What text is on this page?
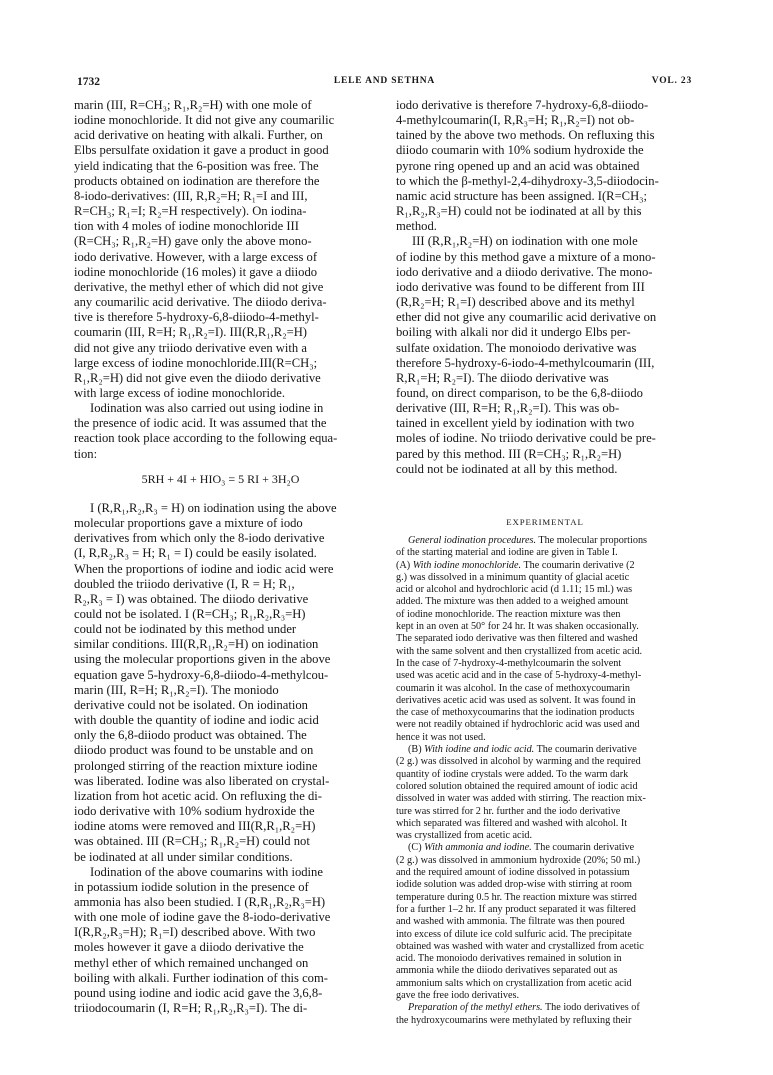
1732	LELE AND SETHNA	VOL. 23

marin (III, R=CH₃; R₁,R₂=H) with one mole of
iodine monochloride. It did not give any coumarilic
acid derivative on heating with alkali. Further, on
Elbs persulfate oxidation it gave a product in good
yield indicating that the 6-position was free. The
products obtained on iodination are therefore the
8-iodo-derivatives: (III, R,R₂=H; R₁=I and III,
R=CH₃; R₁=I; R₂=H respectively). On iodina-
tion with 4 moles of iodine monochloride III
(R=CH₃; R₁,R₂=H) gave only the above mono-
iodo derivative. However, with a large excess of
iodine monochloride (16 moles) it gave a diiodo
derivative, the methyl ether of which did not give
any coumarilic acid derivative. The diiodo deriva-
tive is therefore 5-hydroxy-6,8-diiodo-4-methyl-
coumarin (III, R=H; R₁,R₂=I). III(R,R₁,R₂=H)
did not give any triiodo derivative even with a
large excess of iodine monochloride.III(R=CH₃;
R₁,R₂=H) did not give even the diiodo derivative
with large excess of iodine monochloride.

Iodination was also carried out using iodine in
the presence of iodic acid. It was assumed that the
reaction took place according to the following equa-
tion:

5RH + 4I + HIO₃ = 5 RI + 3H₂O

I (R,R₁,R₂,R₃ = H) on iodination using the above
molecular proportions gave a mixture of iodo
derivatives from which only the 8-iodo derivative
(I, R,R₂,R₃ = H; R₁ = I) could be easily isolated.
When the proportions of iodine and iodic acid were
doubled the triiodo derivative (I, R = H; R₁,
R₂,R₃ = I) was obtained. The diiodo derivative
could not be isolated. I (R=CH₃; R₁,R₂,R₃=H)
could not be iodinated by this method under
similar conditions. III(R,R₁,R₂=H) on iodination
using the molecular proportions given in the above
equation gave 5-hydroxy-6,8-diiodo-4-methylcou-
marin (III, R=H; R₁,R₂=I). The moniodo
derivative could not be isolated. On iodination
with double the quantity of iodine and iodic acid
only the 6,8-diiodo product was obtained. The
diiodo product was found to be unstable and on
prolonged stirring of the reaction mixture iodine
was liberated. Iodine was also liberated on crystal-
lization from hot acetic acid. On refluxing the di-
iodo derivative with 10% sodium hydroxide the
iodine atoms were removed and III(R,R₁,R₂=H)
was obtained. III (R=CH₃; R₁,R₂=H) could not
be iodinated at all under similar conditions.

Iodination of the above coumarins with iodine
in potassium iodide solution in the presence of
ammonia has also been studied. I (R,R₁,R₂,R₃=H)
with one mole of iodine gave the 8-iodo-derivative
I(R,R₂,R₃=H); R₁=I) described above. With two
moles however it gave a diiodo derivative the
methyl ether of which remained unchanged on
boiling with alkali. Further iodination of this com-
pound using iodine and iodic acid gave the 3,6,8-
triiodocoumarin (I, R=H; R₁,R₂,R₃=I). The di-

iodo derivative is therefore 7-hydroxy-6,8-diiodo-
4-methylcoumarin(I, R,R₃=H; R₁,R₂=I) not ob-
tained by the above two methods. On refluxing this
diiodo coumarin with 10% sodium hydroxide the
pyrone ring opened up and an acid was obtained
to which the β-methyl-2,4-dihydroxy-3,5-diiodocin-
namic acid structure has been assigned. I(R=CH₃;
R₁,R₂,R₃=H) could not be iodinated at all by this
method.

III (R,R₁,R₂=H) on iodination with one mole
of iodine by this method gave a mixture of a mono-
iodo derivative and a diiodo derivative. The mono-
iodo derivative was found to be different from III
(R,R₂=H; R₁=I) described above and its methyl
ether did not give any coumarilic acid derivative on
boiling with alkali nor did it undergo Elbs per-
sulfate oxidation. The monoiodo derivative was
therefore 5-hydroxy-6-iodo-4-methylcoumarin (III,
R,R₁=H; R₂=I). The diiodo derivative was
found, on direct comparison, to be the 6,8-diiodo
derivative (III, R=H; R₁,R₂=I). This was ob-
tained in excellent yield by iodination with two
moles of iodine. No triiodo derivative could be pre-
pared by this method. III (R=CH₃; R₁,R₂=H)
could not be iodinated at all by this method.

EXPERIMENTAL

General iodination procedures. The molecular proportions
of the starting material and iodine are given in Table I.
(A) With iodine monochloride. The coumarin derivative (2
g.) was dissolved in a minimum quantity of glacial acetic
acid or alcohol and hydrochloric acid (d 1.11; 15 ml.) was
added. The mixture was then added to a weighed amount
of iodine monochloride. The reaction mixture was then
kept in an oven at 50° for 24 hr. It was shaken occasionally.
The separated iodo derivative was then filtered and washed
with the same solvent and then crystallized from acetic acid.
In the case of 7-hydroxy-4-methylcoumarin the solvent
used was acetic acid and in the case of 5-hydroxy-4-methyl-
coumarin it was alcohol. In the case of methoxycoumarin
derivatives acetic acid was used as solvent. It was found in
the case of methoxycoumarins that the iodination products
were not readily obtained if hydrochloric acid was used and
hence it was not used.

(B) With iodine and iodic acid. The coumarin derivative
(2 g.) was dissolved in alcohol by warming and the required
quantity of iodine crystals were added. To the warm dark
colored solution obtained the required amount of iodic acid
dissolved in water was added with stirring. The reaction mix-
ture was stirred for 2 hr. further and the iodo derivative
which separated was filtered and washed with alcohol. It
was crystallized from acetic acid.

(C) With ammonia and iodine. The coumarin derivative
(2 g.) was dissolved in ammonium hydroxide (20%; 50 ml.)
and the required amount of iodine dissolved in potassium
iodide solution was added drop-wise with stirring at room
temperature during 0.5 hr. The reaction mixture was stirred
for a further 1–2 hr. If any product separated it was filtered
and washed with ammonia. The filtrate was then poured
into excess of dilute ice cold sulfuric acid. The precipitate
obtained was washed with water and crystallized from acetic
acid. The monoiodo derivatives remained in solution in
ammonia while the diiodo derivatives separated out as
ammonium salts which on crystallization from acetic acid
gave the free iodo derivatives.

Preparation of the methyl ethers. The iodo derivatives of
the hydroxycoumarins were methylated by refluxing their
